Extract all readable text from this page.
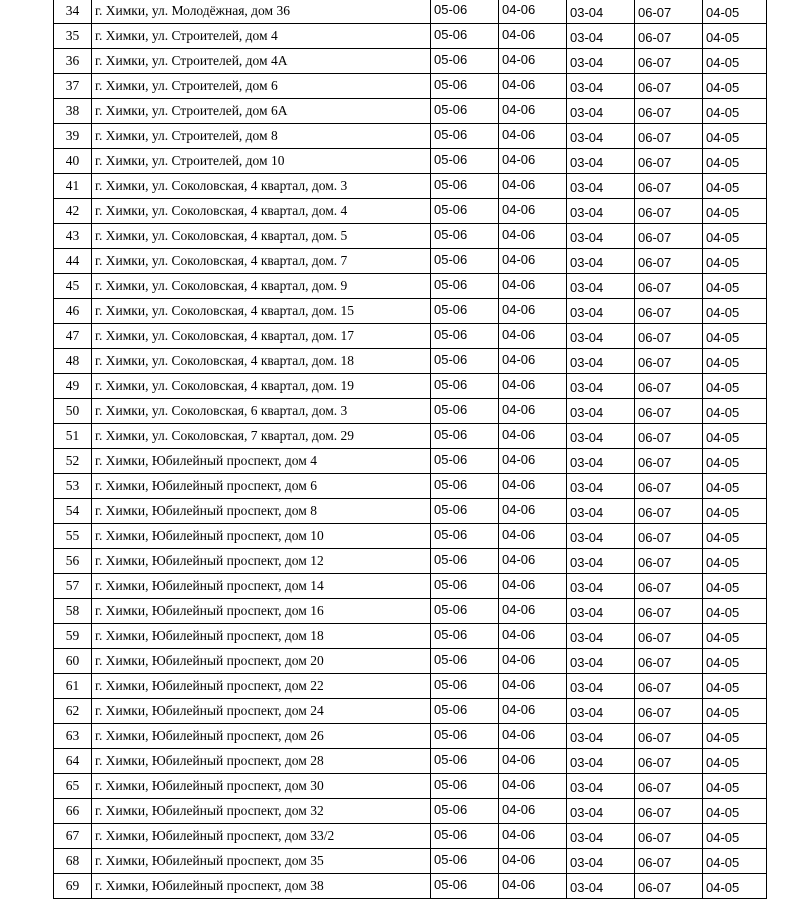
34	г. Химки, ул. Молодёжная, дом 36	05-06	04-06	03-04	06-07	04-05
35	г. Химки, ул. Строителей, дом 4	05-06	04-06	03-04	06-07	04-05
36	г. Химки, ул. Строителей, дом 4А	05-06	04-06	03-04	06-07	04-05
37	г. Химки, ул. Строителей, дом 6	05-06	04-06	03-04	06-07	04-05
38	г. Химки, ул. Строителей, дом 6А	05-06	04-06	03-04	06-07	04-05
39	г. Химки, ул. Строителей, дом 8	05-06	04-06	03-04	06-07	04-05
40	г. Химки, ул. Строителей, дом 10	05-06	04-06	03-04	06-07	04-05
41	г. Химки, ул. Соколовская, 4 квартал, дом. 3	05-06	04-06	03-04	06-07	04-05
42	г. Химки, ул. Соколовская, 4 квартал, дом. 4	05-06	04-06	03-04	06-07	04-05
43	г. Химки, ул. Соколовская, 4 квартал, дом. 5	05-06	04-06	03-04	06-07	04-05
44	г. Химки, ул. Соколовская, 4 квартал, дом. 7	05-06	04-06	03-04	06-07	04-05
45	г. Химки, ул. Соколовская, 4 квартал, дом. 9	05-06	04-06	03-04	06-07	04-05
46	г. Химки, ул. Соколовская, 4 квартал, дом. 15	05-06	04-06	03-04	06-07	04-05
47	г. Химки, ул. Соколовская, 4 квартал, дом. 17	05-06	04-06	03-04	06-07	04-05
48	г. Химки, ул. Соколовская, 4 квартал, дом. 18	05-06	04-06	03-04	06-07	04-05
49	г. Химки, ул. Соколовская, 4 квартал, дом. 19	05-06	04-06	03-04	06-07	04-05
50	г. Химки, ул. Соколовская, 6 квартал, дом. 3	05-06	04-06	03-04	06-07	04-05
51	г. Химки, ул. Соколовская, 7 квартал, дом. 29	05-06	04-06	03-04	06-07	04-05
52	г. Химки, Юбилейный проспект, дом 4	05-06	04-06	03-04	06-07	04-05
53	г. Химки, Юбилейный проспект, дом 6	05-06	04-06	03-04	06-07	04-05
54	г. Химки, Юбилейный проспект, дом 8	05-06	04-06	03-04	06-07	04-05
55	г. Химки, Юбилейный проспект, дом 10	05-06	04-06	03-04	06-07	04-05
56	г. Химки, Юбилейный проспект, дом 12	05-06	04-06	03-04	06-07	04-05
57	г. Химки, Юбилейный проспект, дом 14	05-06	04-06	03-04	06-07	04-05
58	г. Химки, Юбилейный проспект, дом 16	05-06	04-06	03-04	06-07	04-05
59	г. Химки, Юбилейный проспект, дом 18	05-06	04-06	03-04	06-07	04-05
60	г. Химки, Юбилейный проспект, дом 20	05-06	04-06	03-04	06-07	04-05
61	г. Химки, Юбилейный проспект, дом 22	05-06	04-06	03-04	06-07	04-05
62	г. Химки, Юбилейный проспект, дом 24	05-06	04-06	03-04	06-07	04-05
63	г. Химки, Юбилейный проспект, дом 26	05-06	04-06	03-04	06-07	04-05
64	г. Химки, Юбилейный проспект, дом 28	05-06	04-06	03-04	06-07	04-05
65	г. Химки, Юбилейный проспект, дом 30	05-06	04-06	03-04	06-07	04-05
66	г. Химки, Юбилейный проспект, дом 32	05-06	04-06	03-04	06-07	04-05
67	г. Химки, Юбилейный проспект, дом 33/2	05-06	04-06	03-04	06-07	04-05
68	г. Химки, Юбилейный проспект, дом 35	05-06	04-06	03-04	06-07	04-05
69	г. Химки, Юбилейный проспект, дом 38	05-06	04-06	03-04	06-07	04-05
